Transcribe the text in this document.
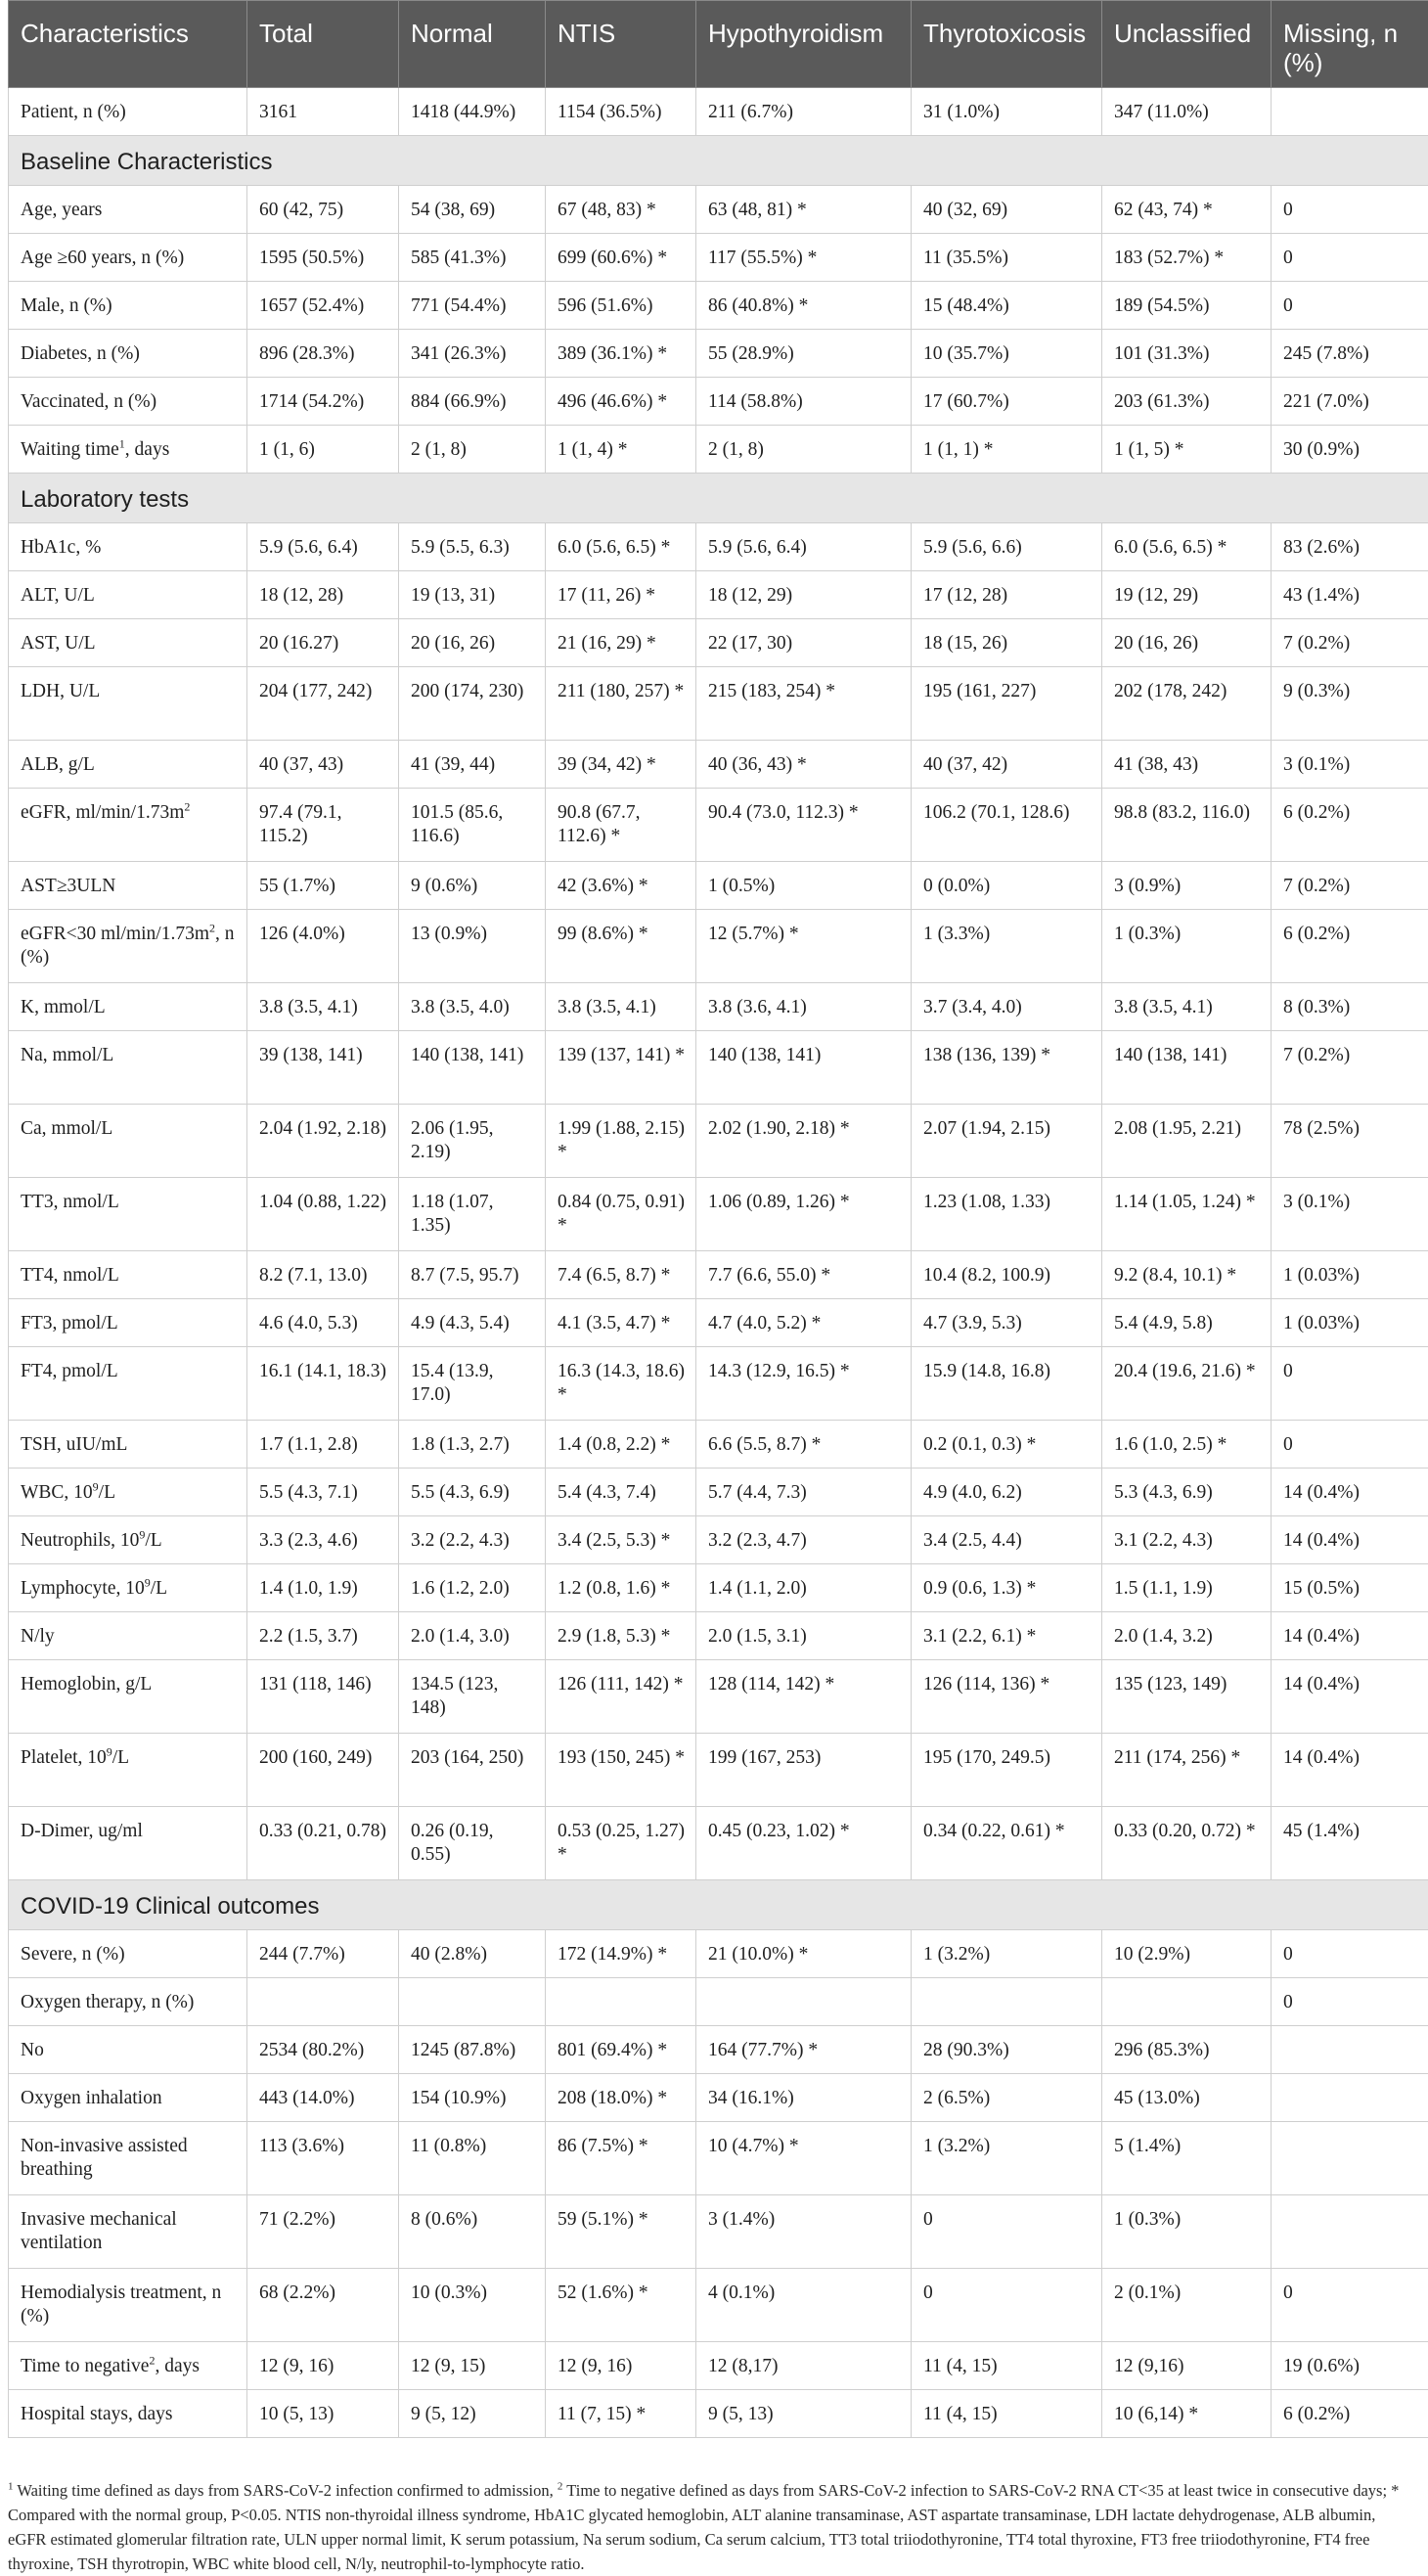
Characteristics	Total	Normal	NTIS	Hypothyroidism	Thyrotoxicosis	Unclassified	Missing, n (%)
Patient, n (%)	3161	1418 (44.9%)	1154 (36.5%)	211 (6.7%)	31 (1.0%)	347 (11.0%)	
Baseline Characteristics							
Age, years	60 (42, 75)	54 (38, 69)	67 (48, 83) *	63 (48, 81) *	40 (32, 69)	62 (43, 74) *	0
Age ≥60 years, n (%)	1595 (50.5%)	585 (41.3%)	699 (60.6%) *	117 (55.5%) *	11 (35.5%)	183 (52.7%) *	0
Male, n (%)	1657 (52.4%)	771 (54.4%)	596 (51.6%)	86 (40.8%) *	15 (48.4%)	189 (54.5%)	0
Diabetes, n (%)	896 (28.3%)	341 (26.3%)	389 (36.1%) *	55 (28.9%)	10 (35.7%)	101 (31.3%)	245 (7.8%)
Vaccinated, n (%)	1714 (54.2%)	884 (66.9%)	496 (46.6%) *	114 (58.8%)	17 (60.7%)	203 (61.3%)	221 (7.0%)
Waiting time$^1$, days	1 (1, 6)	2 (1, 8)	1 (1, 4) *	2 (1, 8)	1 (1, 1) *	1 (1, 5) *	30 (0.9%)
Laboratory tests							
HbA1c, %	5.9 (5.6, 6.4)	5.9 (5.5, 6.3)	6.0 (5.6, 6.5) *	5.9 (5.6, 6.4)	5.9 (5.6, 6.6)	6.0 (5.6, 6.5) *	83 (2.6%)
ALT, U/L	18 (12, 28)	19 (13, 31)	17 (11, 26) *	18 (12, 29)	17 (12, 28)	19 (12, 29)	43 (1.4%)
AST, U/L	20 (16.27)	20 (16, 26)	21 (16, 29) *	22 (17, 30)	18 (15, 26)	20 (16, 26)	7 (0.2%)
LDH, U/L	204 (177, 242)	200 (174, 230)	211 (180, 257) *	215 (183, 254) *	195 (161, 227)	202 (178, 242)	9 (0.3%)
ALB, g/L	40 (37, 43)	41 (39, 44)	39 (34, 42) *	40 (36, 43) *	40 (37, 42)	41 (38, 43)	3 (0.1%)
eGFR, $ml/\min/1.73m^2$	97.4 (79.1, 115.2)	101.5 (85.6, 116.6)	90.8 (67.7, 112.6) *	90.4 (73.0, 112.3) *	106.2 (70.1, 128.6)	98.8 (83.2, 116.0)	6 (0.2%)
AST≥3ULN	55 (1.7%)	9 (0.6%)	42 (3.6%) *	1 (0.5%)	0 (0.0%)	3 (0.9%)	7 (0.2%)
eGFR<30 $ml/\min/1.73m^2$, n (%)	126 (4.0%)	13 (0.9%)	99 (8.6%) *	12 (5.7%) *	1 (3.3%)	1 (0.3%)	6 (0.2%)
K, mmol/L	3.8 (3.5, 4.1)	3.8 (3.5, 4.0)	3.8 (3.5, 4.1)	3.8 (3.6, 4.1)	3.7 (3.4, 4.0)	3.8 (3.5, 4.1)	8 (0.3%)
Na, mmol/L	39 (138, 141)	140 (138, 141)	139 (137, 141) *	140 (138, 141)	138 (136, 139) *	140 (138, 141)	7 (0.2%)
Ca, mmol/L	2.04 (1.92, 2.18)	2.06 (1.95, 2.19)	1.99 (1.88, 2.15) *	2.02 (1.90, 2.18) *	2.07 (1.94, 2.15)	2.08 (1.95, 2.21)	78 (2.5%)
TT3, nmol/L	1.04 (0.88, 1.22)	1.18 (1.07, 1.35)	0.84 (0.75, 0.91) *	1.06 (0.89, 1.26) *	1.23 (1.08, 1.33)	1.14 (1.05, 1.24) *	3 (0.1%)
TT4, nmol/L	8.2 (7.1, 13.0)	8.7 (7.5, 95.7)	7.4 (6.5, 8.7) *	7.7 (6.6, 55.0) *	10.4 (8.2, 100.9)	9.2 (8.4, 10.1) *	1 (0.03%)
FT3, pmol/L	4.6 (4.0, 5.3)	4.9 (4.3, 5.4)	4.1 (3.5, 4.7) *	4.7 (4.0, 5.2) *	4.7 (3.9, 5.3)	5.4 (4.9, 5.8)	1 (0.03%)
FT4, pmol/L	16.1 (14.1, 18.3)	15.4 (13.9, 17.0)	16.3 (14.3, 18.6) *	14.3 (12.9, 16.5) *	15.9 (14.8, 16.8)	20.4 (19.6, 21.6) *	0
TSH, uIU/mL	1.7 (1.1, 2.8)	1.8 (1.3, 2.7)	1.4 (0.8, 2.2) *	6.6 (5.5, 8.7) *	0.2 (0.1, 0.3) *	1.6 (1.0, 2.5) *	0
WBC, $10^9/L$	5.5 (4.3, 7.1)	5.5 (4.3, 6.9)	5.4 (4.3, 7.4)	5.7 (4.4, 7.3)	4.9 (4.0, 6.2)	5.3 (4.3, 6.9)	14 (0.4%)
Neutrophils, $10^9/L$	3.3 (2.3, 4.6)	3.2 (2.2, 4.3)	3.4 (2.5, 5.3) *	3.2 (2.3, 4.7)	3.4 (2.5, 4.4)	3.1 (2.2, 4.3)	14 (0.4%)
Lymphocyte, $10^9/L$	1.4 (1.0, 1.9)	1.6 (1.2, 2.0)	1.2 (0.8, 1.6) *	1.4 (1.1, 2.0)	0.9 (0.6, 1.3) *	1.5 (1.1, 1.9)	15 (0.5%)
N/ly	2.2 (1.5, 3.7)	2.0 (1.4, 3.0)	2.9 (1.8, 5.3) *	2.0 (1.5, 3.1)	3.1 (2.2, 6.1) *	2.0 (1.4, 3.2)	14 (0.4%)
Hemoglobin, g/L	131 (118, 146)	134.5 (123, 148)	126 (111, 142) *	128 (114, 142) *	126 (114, 136) *	135 (123, 149)	14 (0.4%)
Platelet, $10^9/L$	200 (160, 249)	203 (164, 250)	193 (150, 245) *	199 (167, 253)	195 (170, 249.5)	211 (174, 256) *	14 (0.4%)
D-Dimer, ug/ml	0.33 (0.21, 0.78)	0.26 (0.19, 0.55)	0.53 (0.25, 1.27) *	0.45 (0.23, 1.02) *	0.34 (0.22, 0.61) *	0.33 (0.20, 0.72) *	45 (1.4%)
COVID-19 Clinical outcomes							
Severe, n (%)	244 (7.7%)	40 (2.8%)	172 (14.9%) *	21 (10.0%) *	1 (3.2%)	10 (2.9%)	0
Oxygen therapy, n (%)							0
No	2534 (80.2%)	1245 (87.8%)	801 (69.4%) *	164 (77.7%) *	28 (90.3%)	296 (85.3%)	
Oxygen inhalation	443 (14.0%)	154 (10.9%)	208 (18.0%) *	34 (16.1%)	2 (6.5%)	45 (13.0%)	
Non-invasive assisted breathing	113 (3.6%)	11 (0.8%)	86 (7.5%) *	10 (4.7%) *	1 (3.2%)	5 (1.4%)	
Invasive mechanical ventilation	71 (2.2%)	8 (0.6%)	59 (5.1%) *	3 (1.4%)	0	1 (0.3%)	
Hemodialysis treatment, n (%)	68 (2.2%)	10 (0.3%)	52 (1.6%) *	4 (0.1%)	0	2 (0.1%)	0
Time to negative$^2$, days	12 (9, 16)	12 (9, 15)	12 (9, 16)	12 (8,17)	11 (4, 15)	12 (9,16)	19 (0.6%)
Hospital stays, days	10 (5, 13)	9 (5, 12)	11 (7, 15) *	9 (5, 13)	11 (4, 15)	10 (6,14) *	6 (0.2%)
$^1$ Waiting time defined as days from SARS-CoV-2 infection confirmed to admission, $^2$ Time to negative defined as days from SARS-CoV-2 infection to SARS-CoV-2 RNA CT<35 at least twice in consecutive days; * Compared with the normal group, P<0.05. NTIS non-thyroidal illness syndrome, HbA1C glycated hemoglobin, ALT alanine transaminase, AST aspartate transaminase, LDH lactate dehydrogenase, ALB albumin, eGFR estimated glomerular filtration rate, ULN upper normal limit, K serum potassium, Na serum sodium, Ca serum calcium, TT3 total triiodothyronine, TT4 total thyroxine, FT3 free triiodothyronine, FT4 free thyroxine, TSH thyrotropin, WBC white blood cell, N/ly, neutrophil-to-lymphocyte ratio.
